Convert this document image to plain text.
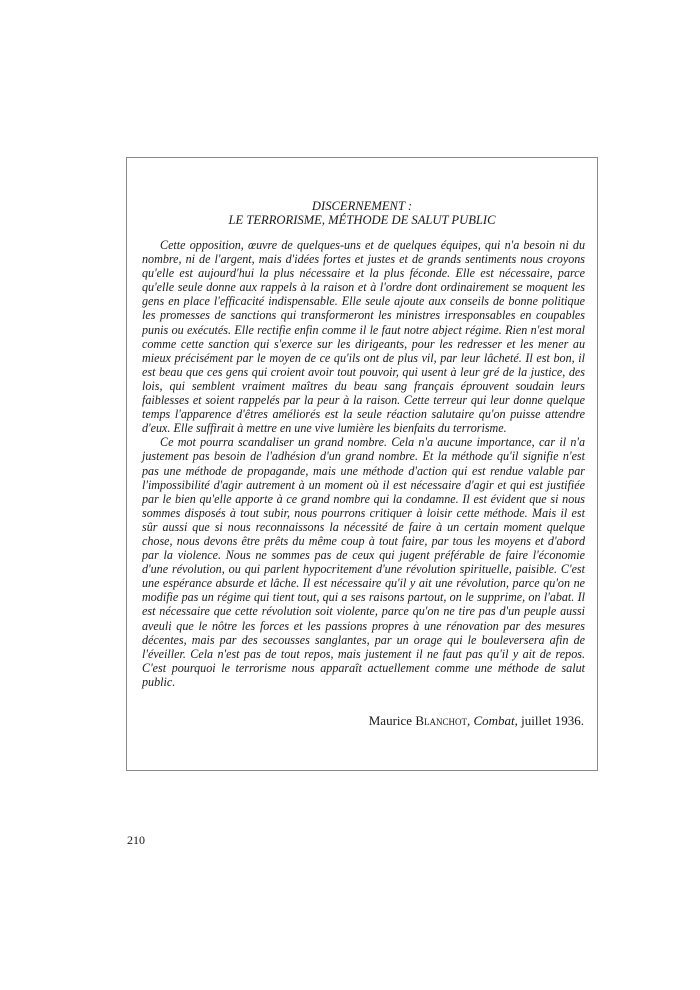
DISCERNEMENT :
LE TERRORISME, MÉTHODE DE SALUT PUBLIC

Cette opposition, œuvre de quelques-uns et de quelques équipes, qui n'a besoin ni du nombre, ni de l'argent, mais d'idées fortes et justes et de grands sentiments nous croyons qu'elle est aujourd'hui la plus nécessaire et la plus féconde. Elle est nécessaire, parce qu'elle seule donne aux rappels à la raison et à l'ordre dont ordinairement se moquent les gens en place l'efficacité indispensable. Elle seule ajoute aux conseils de bonne politique les promesses de sanctions qui transformeront les ministres irresponsables en coupables punis ou exécutés. Elle rectifie enfin comme il le faut notre abject régime. Rien n'est moral comme cette sanction qui s'exerce sur les dirigeants, pour les redresser et les mener au mieux précisément par le moyen de ce qu'ils ont de plus vil, par leur lâcheté. Il est bon, il est beau que ces gens qui croient avoir tout pouvoir, qui usent à leur gré de la justice, des lois, qui semblent vraiment maîtres du beau sang français éprouvent soudain leurs faiblesses et soient rappelés par la peur à la raison. Cette terreur qui leur donne quelque temps l'apparence d'êtres améliorés est la seule réaction salutaire qu'on puisse attendre d'eux. Elle suffirait à mettre en une vive lumière les bienfaits du terrorisme.

Ce mot pourra scandaliser un grand nombre. Cela n'a aucune importance, car il n'a justement pas besoin de l'adhésion d'un grand nombre. Et la méthode qu'il signifie n'est pas une méthode de propagande, mais une méthode d'action qui est rendue valable par l'impossibilité d'agir autrement à un moment où il est nécessaire d'agir et qui est justifiée par le bien qu'elle apporte à ce grand nombre qui la condamne. Il est évident que si nous sommes disposés à tout subir, nous pourrons critiquer à loisir cette méthode. Mais il est sûr aussi que si nous reconnaissons la nécessité de faire à un certain moment quelque chose, nous devons être prêts du même coup à tout faire, par tous les moyens et d'abord par la violence. Nous ne sommes pas de ceux qui jugent préférable de faire l'économie d'une révolution, ou qui parlent hypocritement d'une révolution spirituelle, paisible. C'est une espérance absurde et lâche. Il est nécessaire qu'il y ait une révolution, parce qu'on ne modifie pas un régime qui tient tout, qui a ses raisons partout, on le supprime, on l'abat. Il est nécessaire que cette révolution soit violente, parce qu'on ne tire pas d'un peuple aussi aveuli que le nôtre les forces et les passions propres à une rénovation par des mesures décentes, mais par des secousses sanglantes, par un orage qui le bouleversera afin de l'éveiller. Cela n'est pas de tout repos, mais justement il ne faut pas qu'il y ait de repos. C'est pourquoi le terrorisme nous apparaît actuellement comme une méthode de salut public.

Maurice Blanchot, Combat, juillet 1936.
210
